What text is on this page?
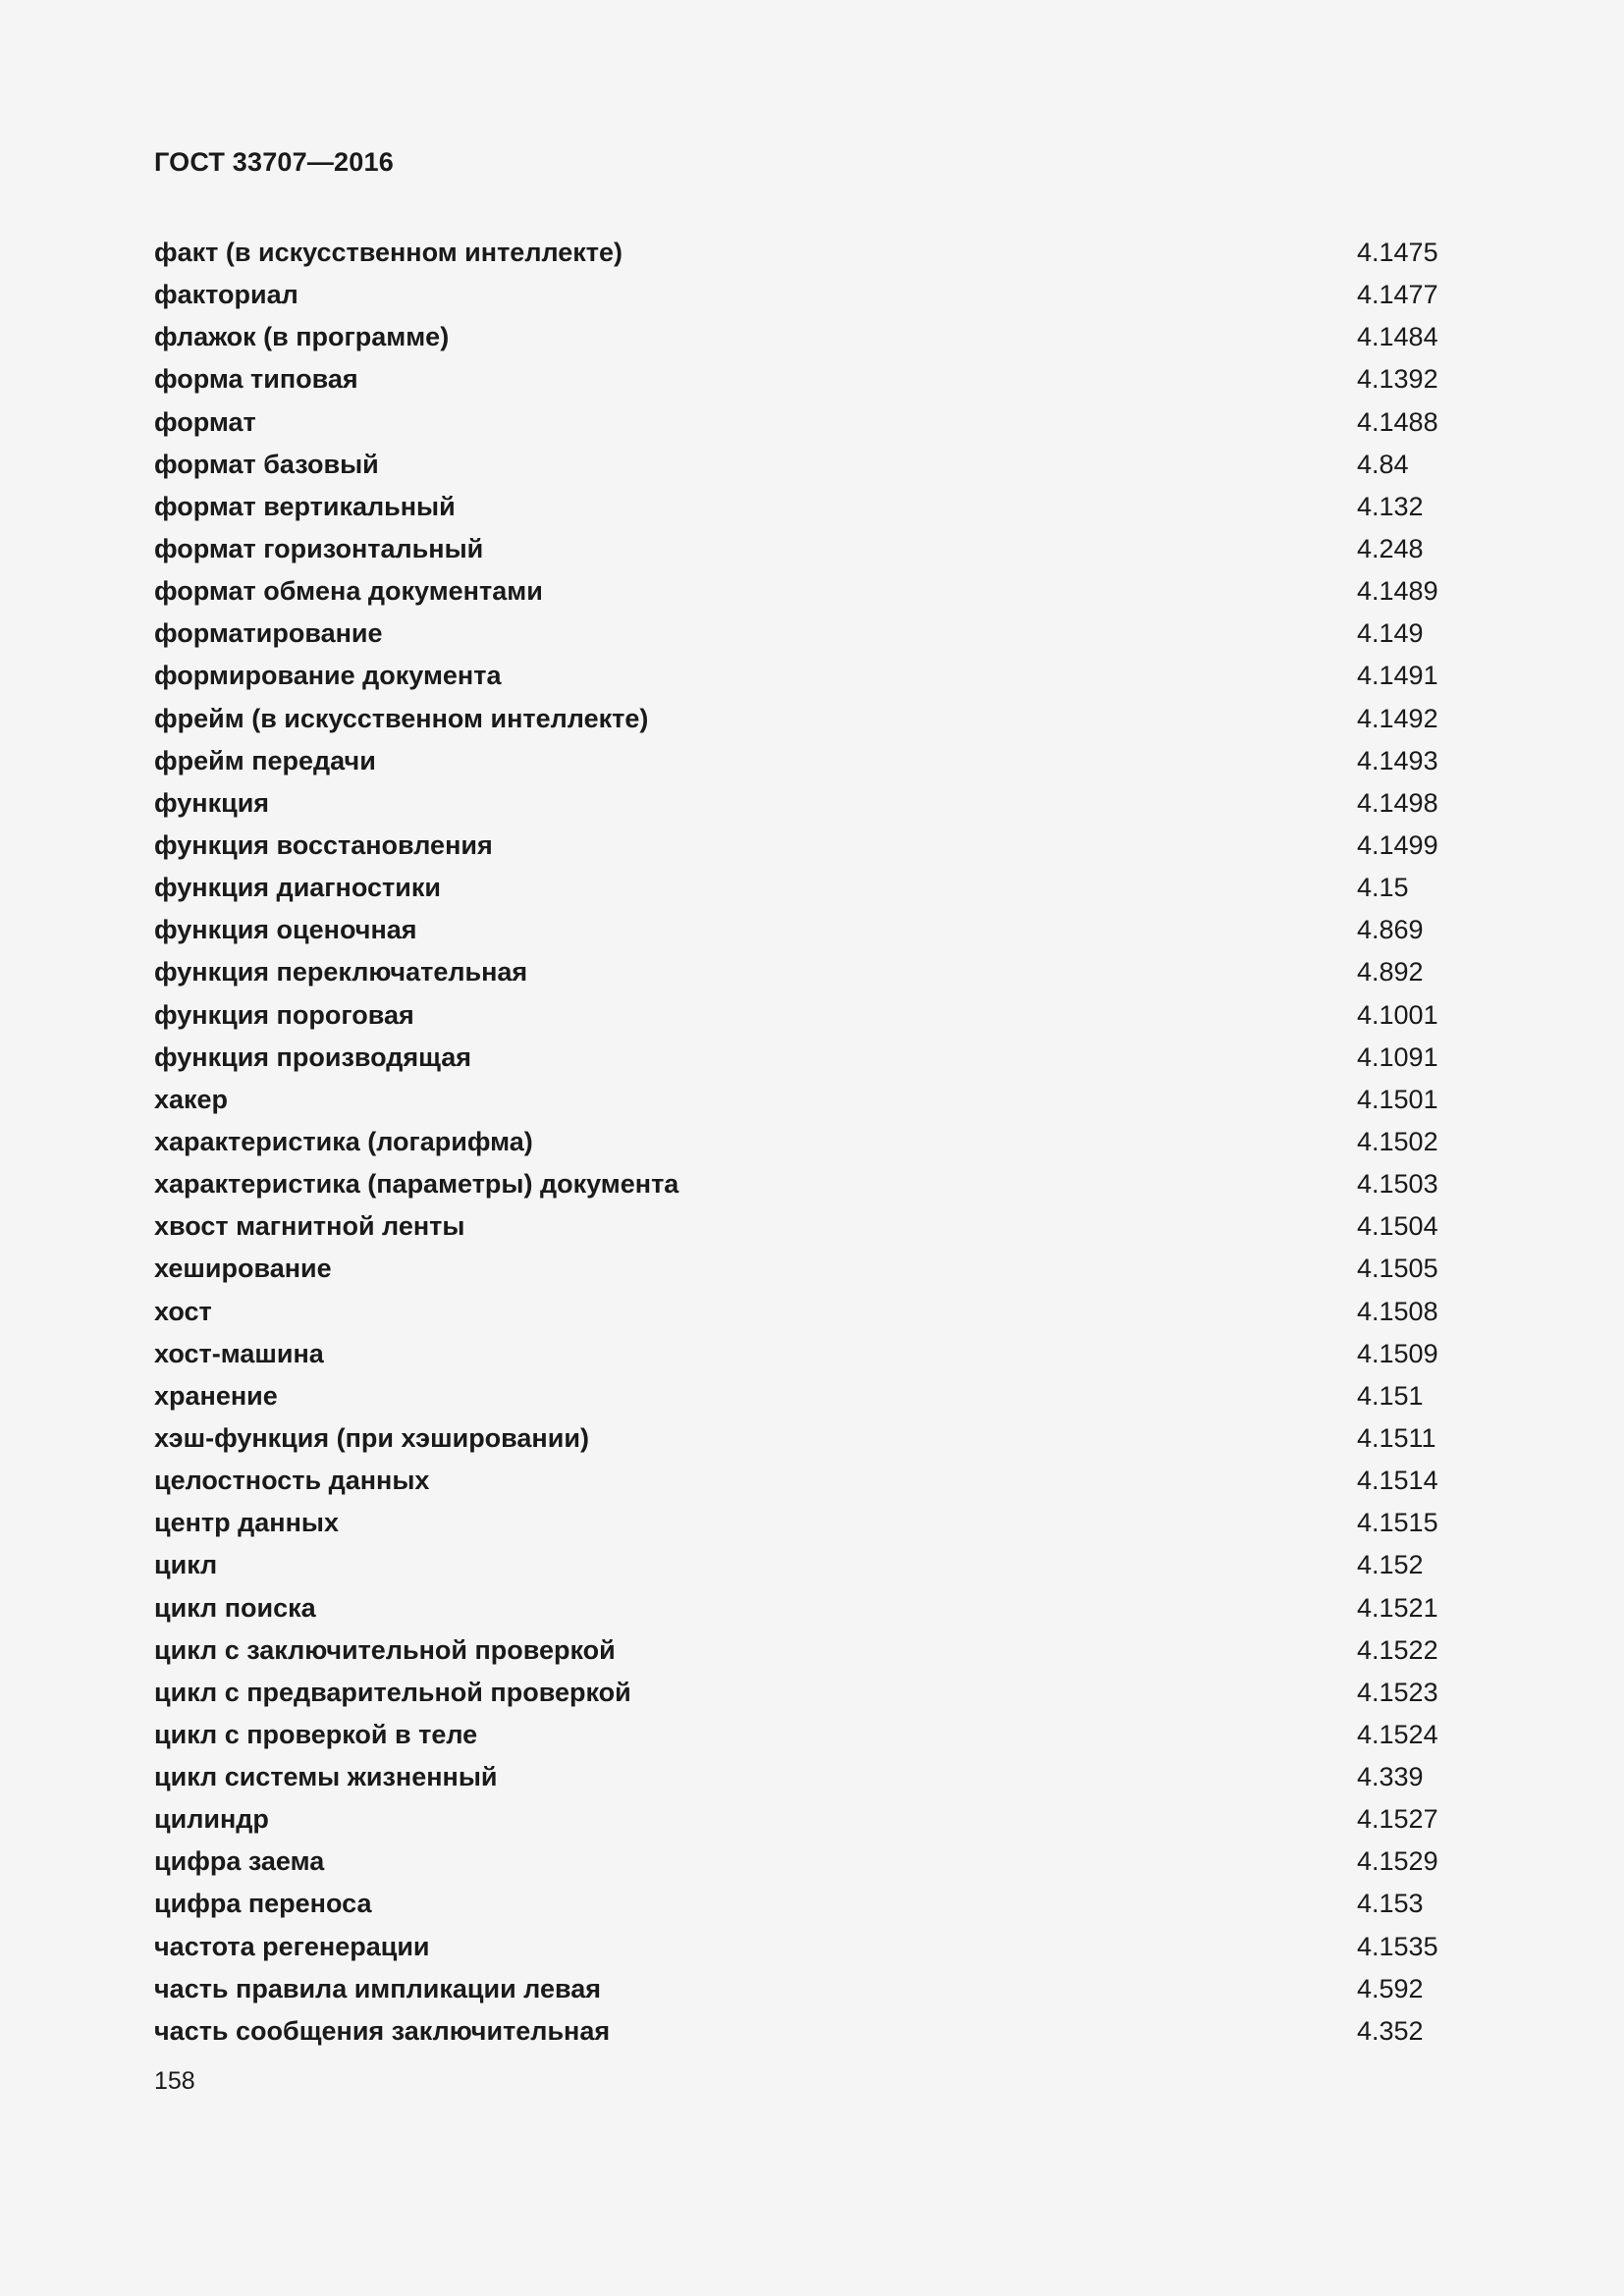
ГОСТ 33707—2016
факт (в искусственном интеллекте)	4.1475
факториал	4.1477
флажок (в программе)	4.1484
форма типовая	4.1392
формат	4.1488
формат базовый	4.84
формат вертикальный	4.132
формат горизонтальный	4.248
формат обмена документами	4.1489
форматирование	4.149
формирование документа	4.1491
фрейм (в искусственном интеллекте)	4.1492
фрейм передачи	4.1493
функция	4.1498
функция восстановления	4.1499
функция диагностики	4.15
функция оценочная	4.869
функция переключательная	4.892
функция пороговая	4.1001
функция производящая	4.1091
хакер	4.1501
характеристика (логарифма)	4.1502
характеристика (параметры) документа	4.1503
хвост магнитной ленты	4.1504
хеширование	4.1505
хост	4.1508
хост-машина	4.1509
хранение	4.151
хэш-функция (при хэшировании)	4.1511
целостность данных	4.1514
центр данных	4.1515
цикл	4.152
цикл поиска	4.1521
цикл с заключительной проверкой	4.1522
цикл с предварительной проверкой	4.1523
цикл с проверкой в теле	4.1524
цикл системы жизненный	4.339
цилиндр	4.1527
цифра заема	4.1529
цифра переноса	4.153
частота регенерации	4.1535
часть правила импликации левая	4.592
часть сообщения заключительная	4.352
158
